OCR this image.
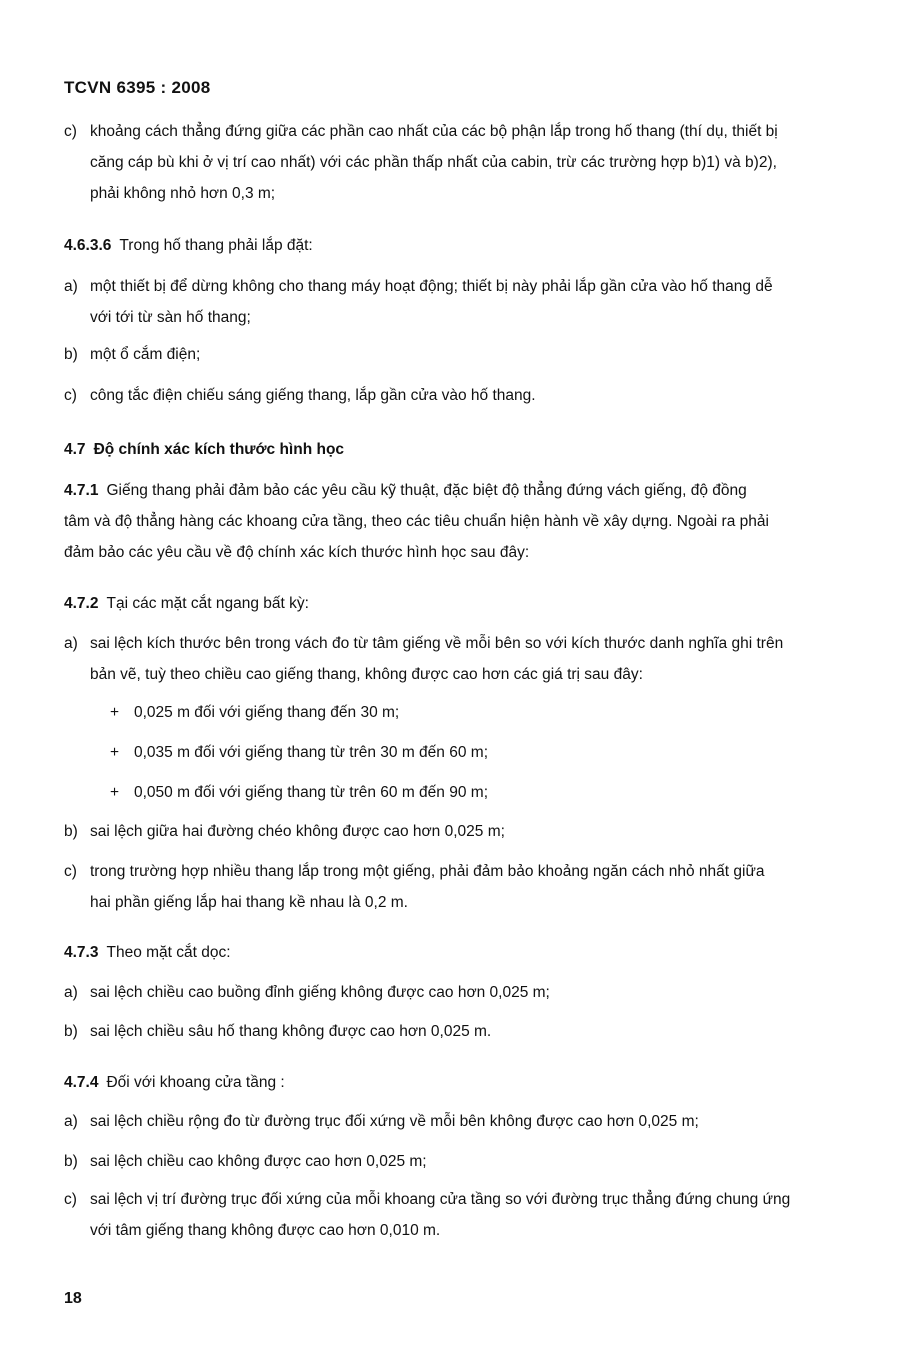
TCVN 6395 : 2008
c) khoảng cách thẳng đứng giữa các phần cao nhất của các bộ phận lắp trong hố thang (thí dụ, thiết bị
căng cáp bù khi ở vị trí cao nhất) với các phần thấp nhất của cabin, trừ các trường hợp b)1) và b)2),
phải không nhỏ hơn 0,3 m;
4.6.3.6 Trong hố thang phải lắp đặt:
a) một thiết bị để dừng không cho thang máy hoạt động; thiết bị này phải lắp gần cửa vào hố thang dễ
với tới từ sàn hố thang;
b) một ổ cắm điện;
c) công tắc điện chiếu sáng giếng thang, lắp gần cửa vào hố thang.
4.7 Độ chính xác kích thước hình học
4.7.1 Giếng thang phải đảm bảo các yêu cầu kỹ thuật, đặc biệt độ thẳng đứng vách giếng, độ đồng
tâm và độ thẳng hàng các khoang cửa tầng, theo các tiêu chuẩn hiện hành về xây dựng. Ngoài ra phải
đảm bảo các yêu cầu về độ chính xác kích thước hình học sau đây:
4.7.2 Tại các mặt cắt ngang bất kỳ:
a) sai lệch kích thước bên trong vách đo từ tâm giếng về mỗi bên so với kích thước danh nghĩa ghi trên
bản vẽ, tuỳ theo chiều cao giếng thang, không được cao hơn các giá trị sau đây:
+ 0,025 m đối với giếng thang đến 30 m;
+ 0,035 m đối với giếng thang từ trên 30 m đến 60 m;
+ 0,050 m đối với giếng thang từ trên 60 m đến 90 m;
b) sai lệch giữa hai đường chéo không được cao hơn 0,025 m;
c) trong trường hợp nhiều thang lắp trong một giếng, phải đảm bảo khoảng ngăn cách nhỏ nhất giữa
hai phần giếng lắp hai thang kề nhau là 0,2 m.
4.7.3 Theo mặt cắt dọc:
a) sai lệch chiều cao buồng đỉnh giếng không được cao hơn 0,025 m;
b) sai lệch chiều sâu hố thang không được cao hơn 0,025 m.
4.7.4 Đối với khoang cửa tầng :
a) sai lệch chiều rộng đo từ đường trục đối xứng về mỗi bên không được cao hơn 0,025 m;
b) sai lệch chiều cao không được cao hơn 0,025 m;
c) sai lệch vị trí đường trục đối xứng của mỗi khoang cửa tầng so với đường trục thẳng đứng chung ứng
với tâm giếng thang không được cao hơn 0,010 m.
18
